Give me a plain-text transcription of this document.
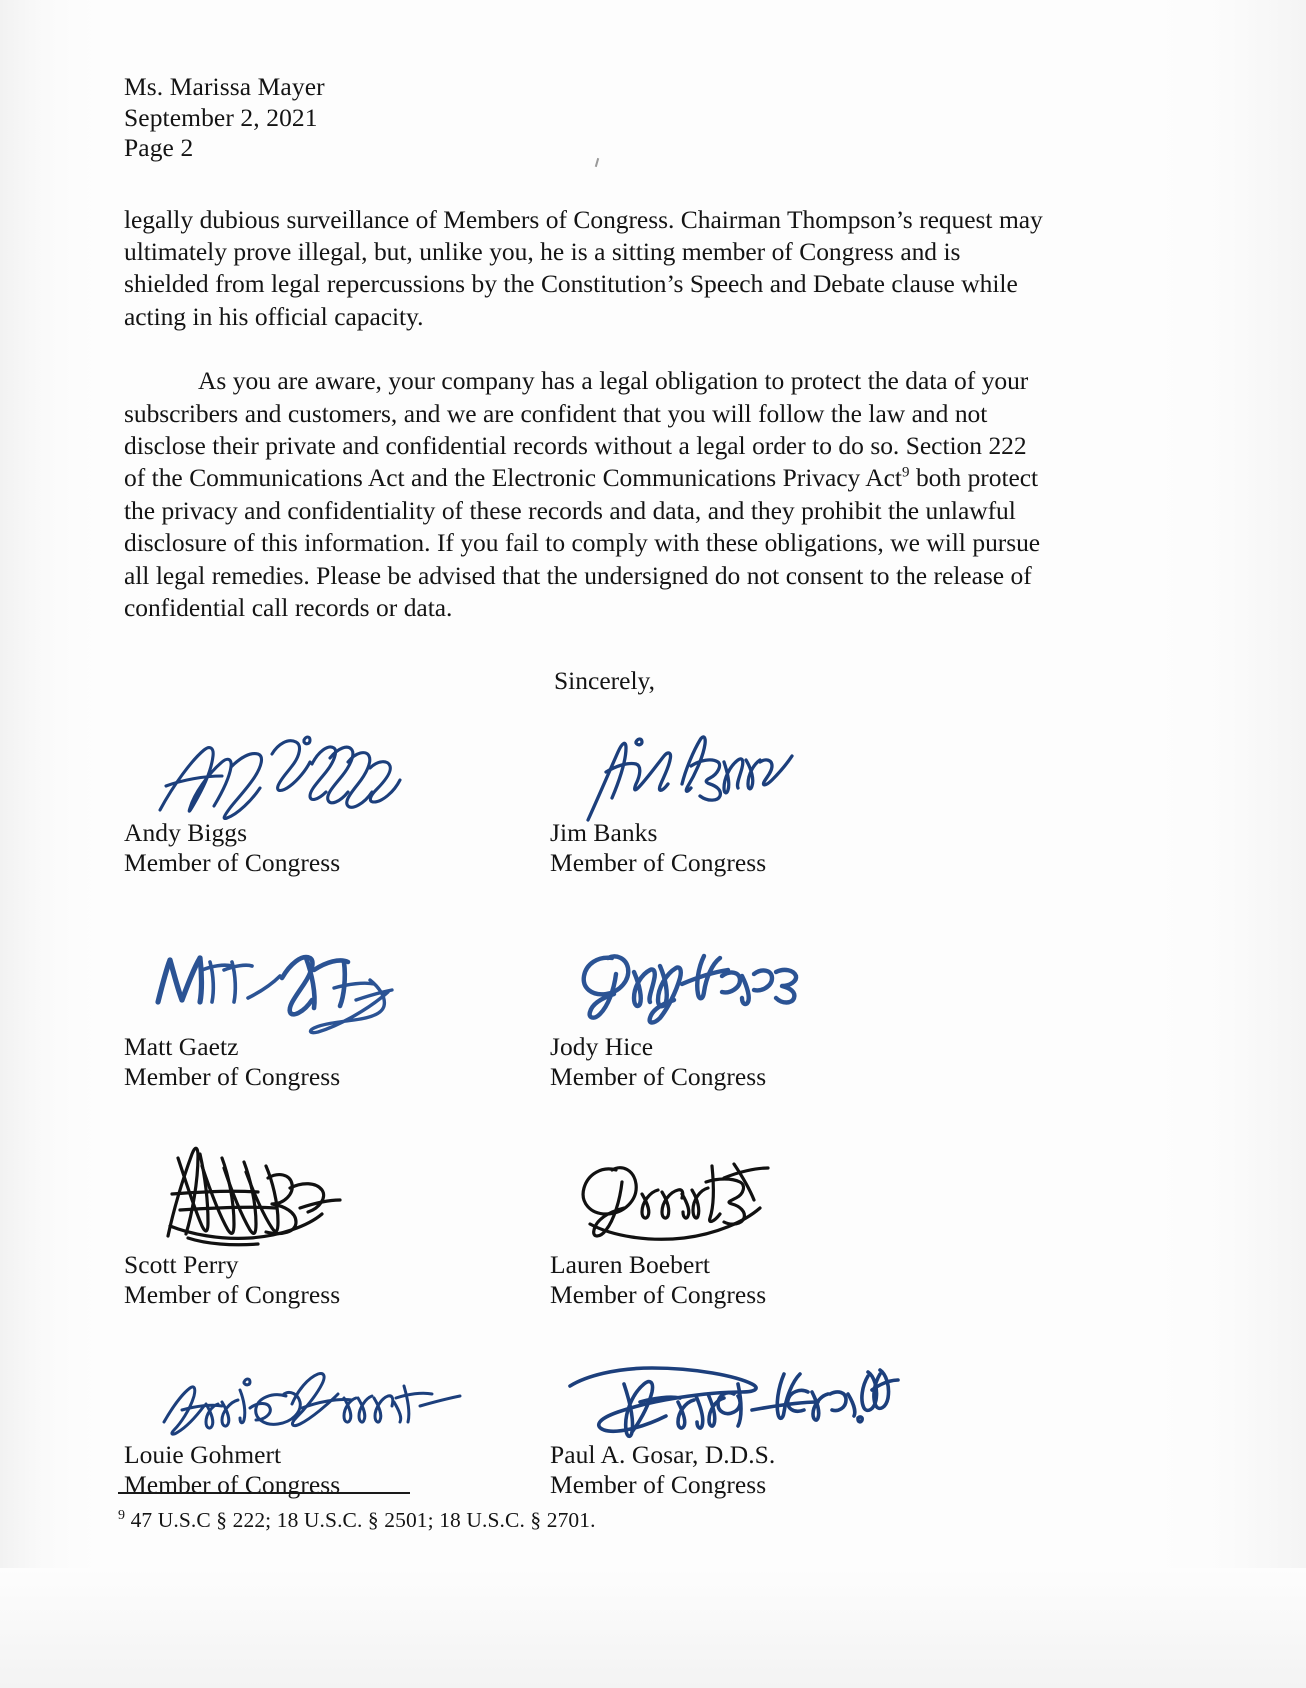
Ms. Marissa Mayer
September 2, 2021
Page 2

legally dubious surveillance of Members of Congress. Chairman Thompson’s request may ultimately prove illegal, but, unlike you, he is a sitting member of Congress and is shielded from legal repercussions by the Constitution’s Speech and Debate clause while acting in his official capacity.

As you are aware, your company has a legal obligation to protect the data of your subscribers and customers, and we are confident that you will follow the law and not disclose their private and confidential records without a legal order to do so. Section 222 of the Communications Act and the Electronic Communications Privacy Act$^9$ both protect the privacy and confidentiality of these records and data, and they prohibit the unlawful disclosure of this information. If you fail to comply with these obligations, we will pursue all legal remedies. Please be advised that the undersigned do not consent to the release of confidential call records or data.

Sincerely,
Andy Biggs
Member of Congress
Jim Banks
Member of Congress
Matt Gaetz
Member of Congress
Jody Hice
Member of Congress
Scott Perry
Member of Congress
Lauren Boebert
Member of Congress
Louie Gohmert
Member of Congress
Paul A. Gosar, D.D.S.
Member of Congress
$^9$ 47 U.S.C § 222; 18 U.S.C. § 2501; 18 U.S.C. § 2701.
